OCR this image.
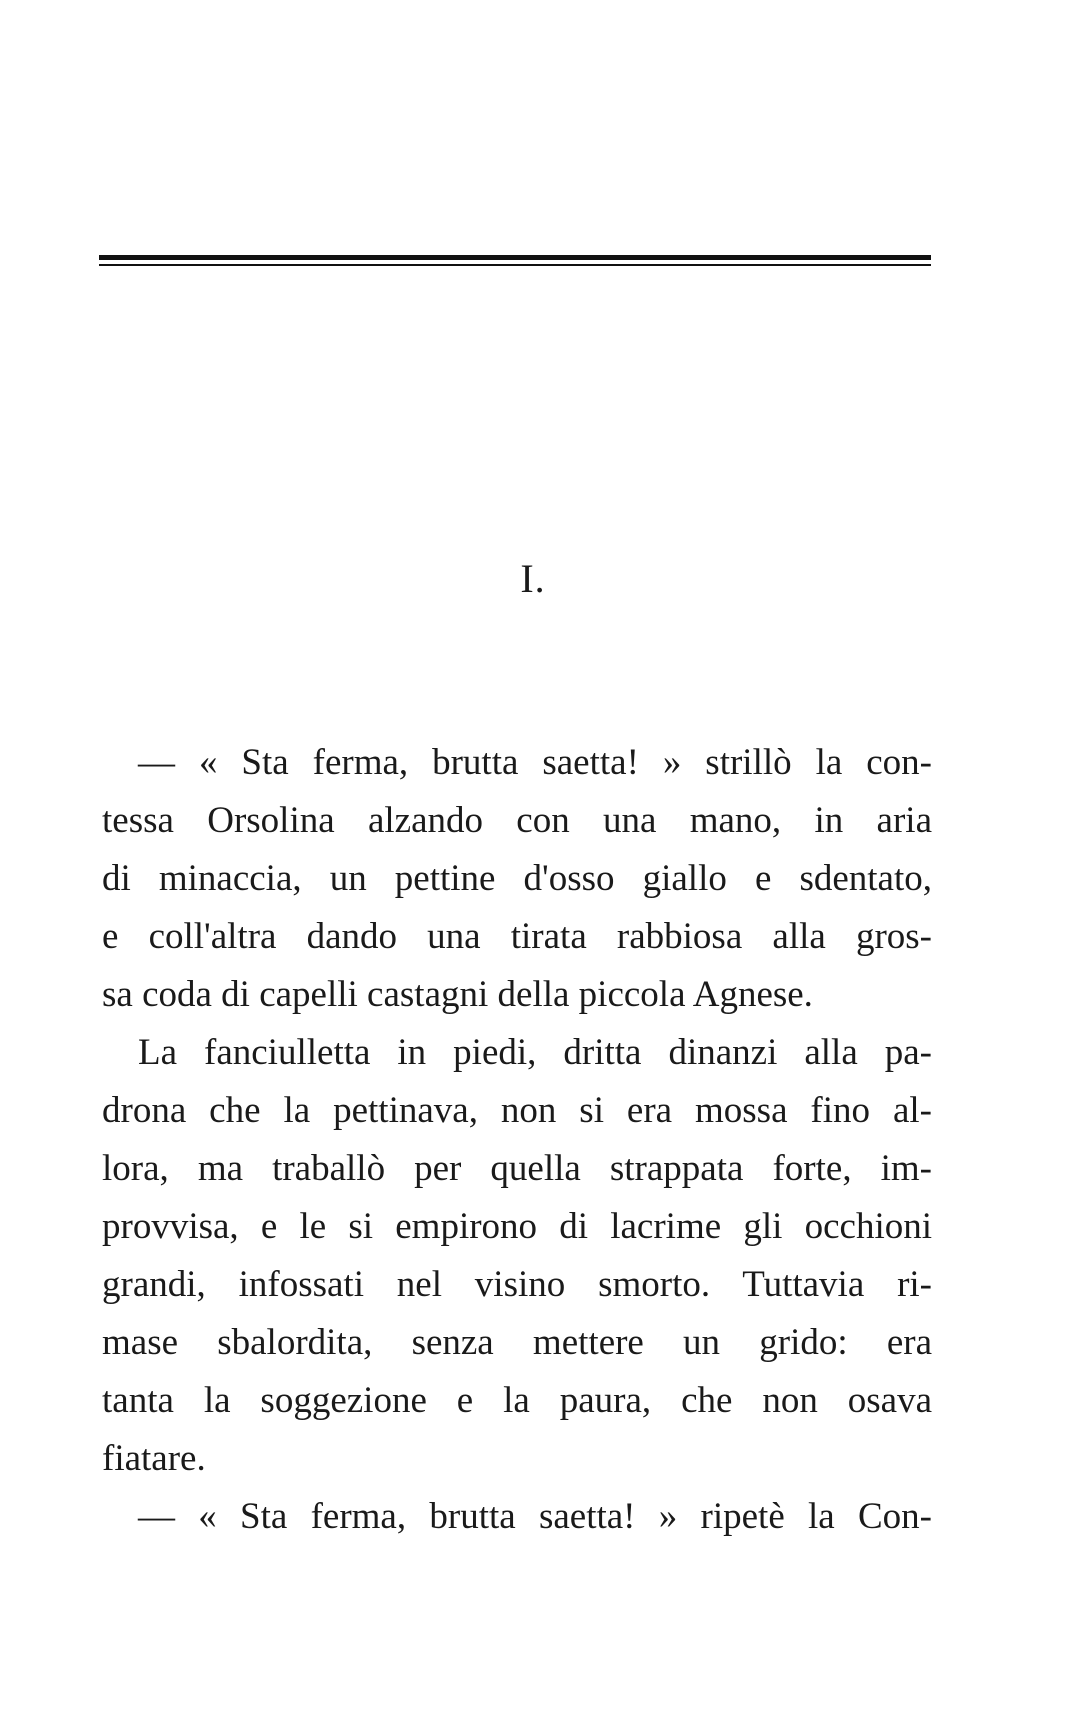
I.
— « Sta ferma, brutta saetta! » strillò la con-
tessa Orsolina alzando con una mano, in aria
di minaccia, un pettine d'osso giallo e sdentato,
e coll'altra dando una tirata rabbiosa alla gros-
sa coda di capelli castagni della piccola Agnese.
La fanciulletta in piedi, dritta dinanzi alla pa-
drona che la pettinava, non si era mossa fino al-
lora, ma traballò per quella strappata forte, im-
provvisa, e le si empirono di lacrime gli occhioni
grandi, infossati nel visino smorto. Tuttavia ri-
mase sbalordita, senza mettere un grido: era
tanta la soggezione e la paura, che non osava
fiatare.
— « Sta ferma, brutta saetta! » ripetè la Con-
